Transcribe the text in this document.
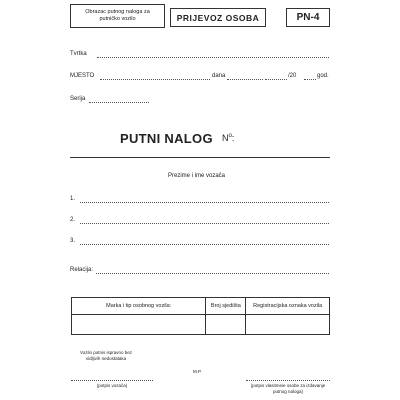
Obrazac putnog naloga za putničko vozilo	PRIJEVOZ OSOBA	PN-4
Tvrtka
MJESTO	dana	/20	god.
Serija
PUTNI NALOG $N^o$:
Prezime i ime vozača
1.
2.
3.
Relacija:
Marka i tip osobnog vozila:	Broj sjedišta	Registracijska oznaka vozila

Vozilo potnis ispravno bez vidljivih nedostataka
M.P.
(potpis vozača)	(potpis vlasitmeie osobe za izdavanje putnog naloga)
